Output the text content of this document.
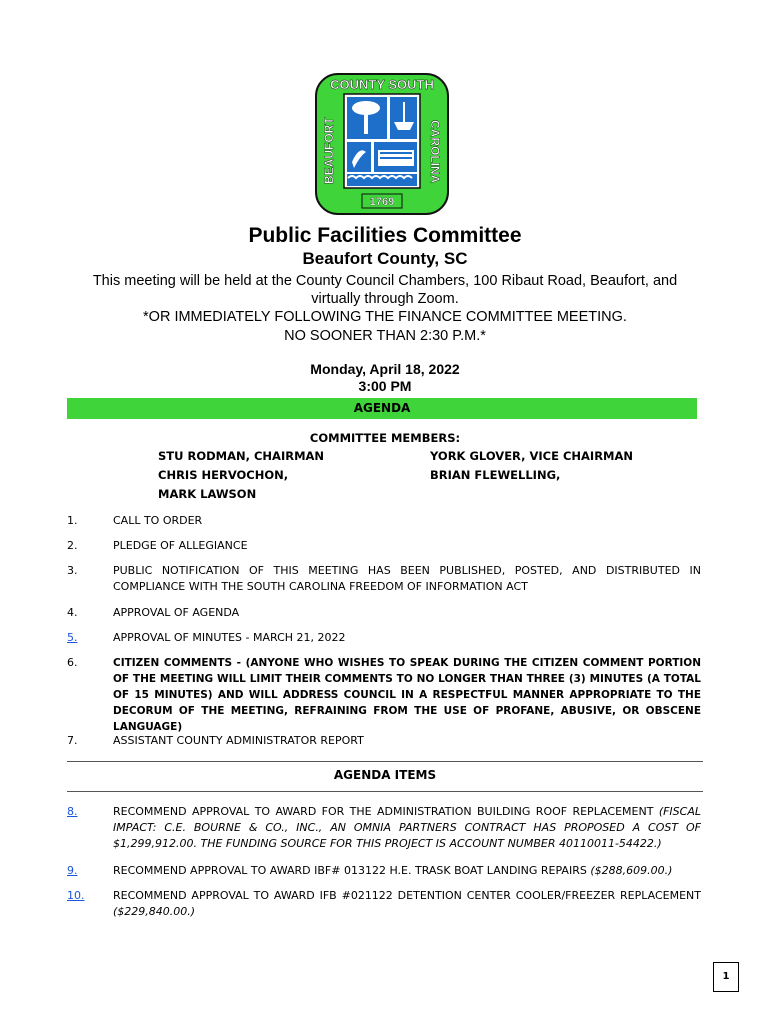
COUNTY SOUTH
BEAUFORT	CAROLINA
1769
Public Facilities Committee
Beaufort County, SC
This meeting will be held at the County Council Chambers, 100 Ribaut Road, Beaufort, and virtually through Zoom.
*OR IMMEDIATELY FOLLOWING THE FINANCE COMMITTEE MEETING.
NO SOONER THAN 2:30 P.M.*
Monday, April 18, 2022
3:00 PM
AGENDA
COMMITTEE MEMBERS:
STU RODMAN, CHAIRMAN
CHRIS HERVOCHON,
MARK LAWSON
YORK GLOVER, VICE CHAIRMAN
BRIAN FLEWELLING,
1.	CALL TO ORDER
2.	PLEDGE OF ALLEGIANCE
3.	PUBLIC NOTIFICATION OF THIS MEETING HAS BEEN PUBLISHED, POSTED, AND DISTRIBUTED IN COMPLIANCE WITH THE SOUTH CAROLINA FREEDOM OF INFORMATION ACT
4.	APPROVAL OF AGENDA
5.	APPROVAL OF MINUTES - MARCH 21, 2022
6.	CITIZEN COMMENTS - (ANYONE WHO WISHES TO SPEAK DURING THE CITIZEN COMMENT PORTION OF THE MEETING WILL LIMIT THEIR COMMENTS TO NO LONGER THAN THREE (3) MINUTES (A TOTAL OF 15 MINUTES) AND WILL ADDRESS COUNCIL IN A RESPECTFUL MANNER APPROPRIATE TO THE DECORUM OF THE MEETING, REFRAINING FROM THE USE OF PROFANE, ABUSIVE, OR OBSCENE LANGUAGE)
7.	ASSISTANT COUNTY ADMINISTRATOR REPORT
AGENDA ITEMS
8.	RECOMMEND APPROVAL TO AWARD FOR THE ADMINISTRATION BUILDING ROOF REPLACEMENT (FISCAL IMPACT: C.E. BOURNE & CO., INC., AN OMNIA PARTNERS CONTRACT HAS PROPOSED A COST OF $1,299,912.00. THE FUNDING SOURCE FOR THIS PROJECT IS ACCOUNT NUMBER 40110011-54422.)
9.	RECOMMEND APPROVAL TO AWARD IBF# 013122 H.E. TRASK BOAT LANDING REPAIRS ($288,609.00.)
10.	RECOMMEND APPROVAL TO AWARD IFB #021122 DETENTION CENTER COOLER/FREEZER REPLACEMENT ($229,840.00.)
1
